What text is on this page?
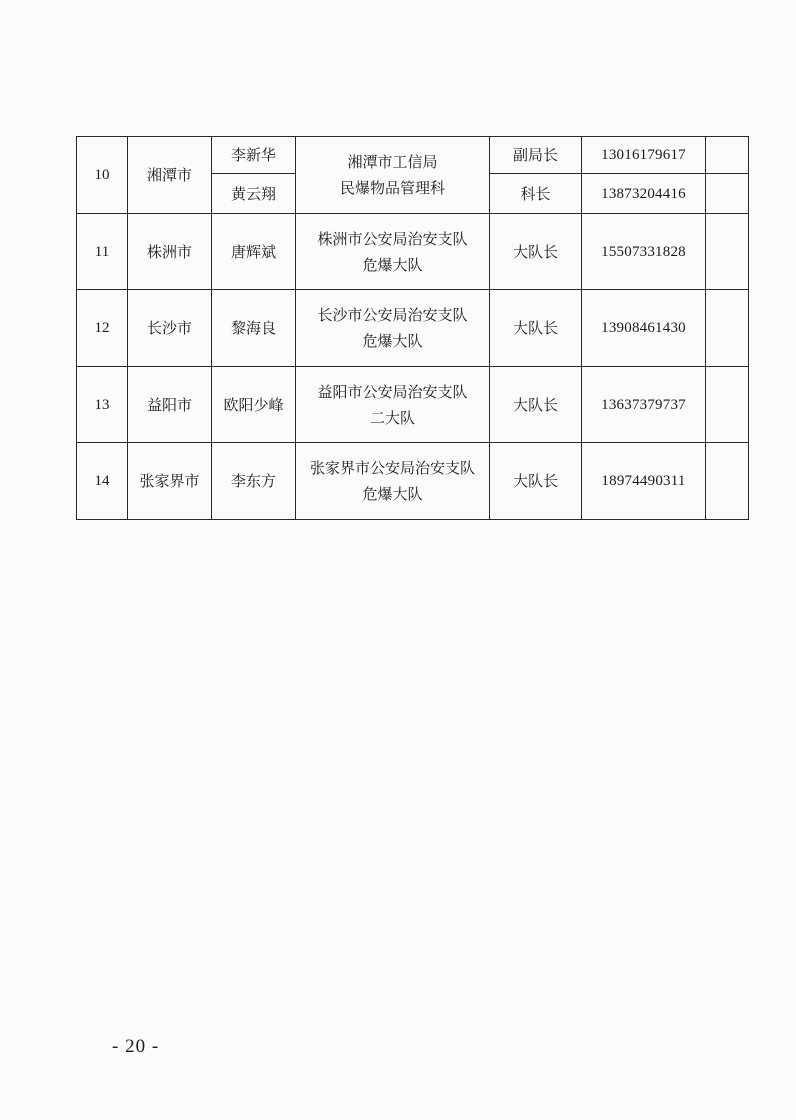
10	湘潭市	李新华	湘潭市工信局
民爆物品管理科	副局长	13016179617	
		黄云翔		科长	13873204416	
11	株洲市	唐辉斌	株洲市公安局治安支队
危爆大队	大队长	15507331828	
12	长沙市	黎海良	长沙市公安局治安支队
危爆大队	大队长	13908461430	
13	益阳市	欧阳少峰	益阳市公安局治安支队
二大队	大队长	13637379737	
14	张家界市	李东方	张家界市公安局治安支队
危爆大队	大队长	18974490311	
- 20 -
